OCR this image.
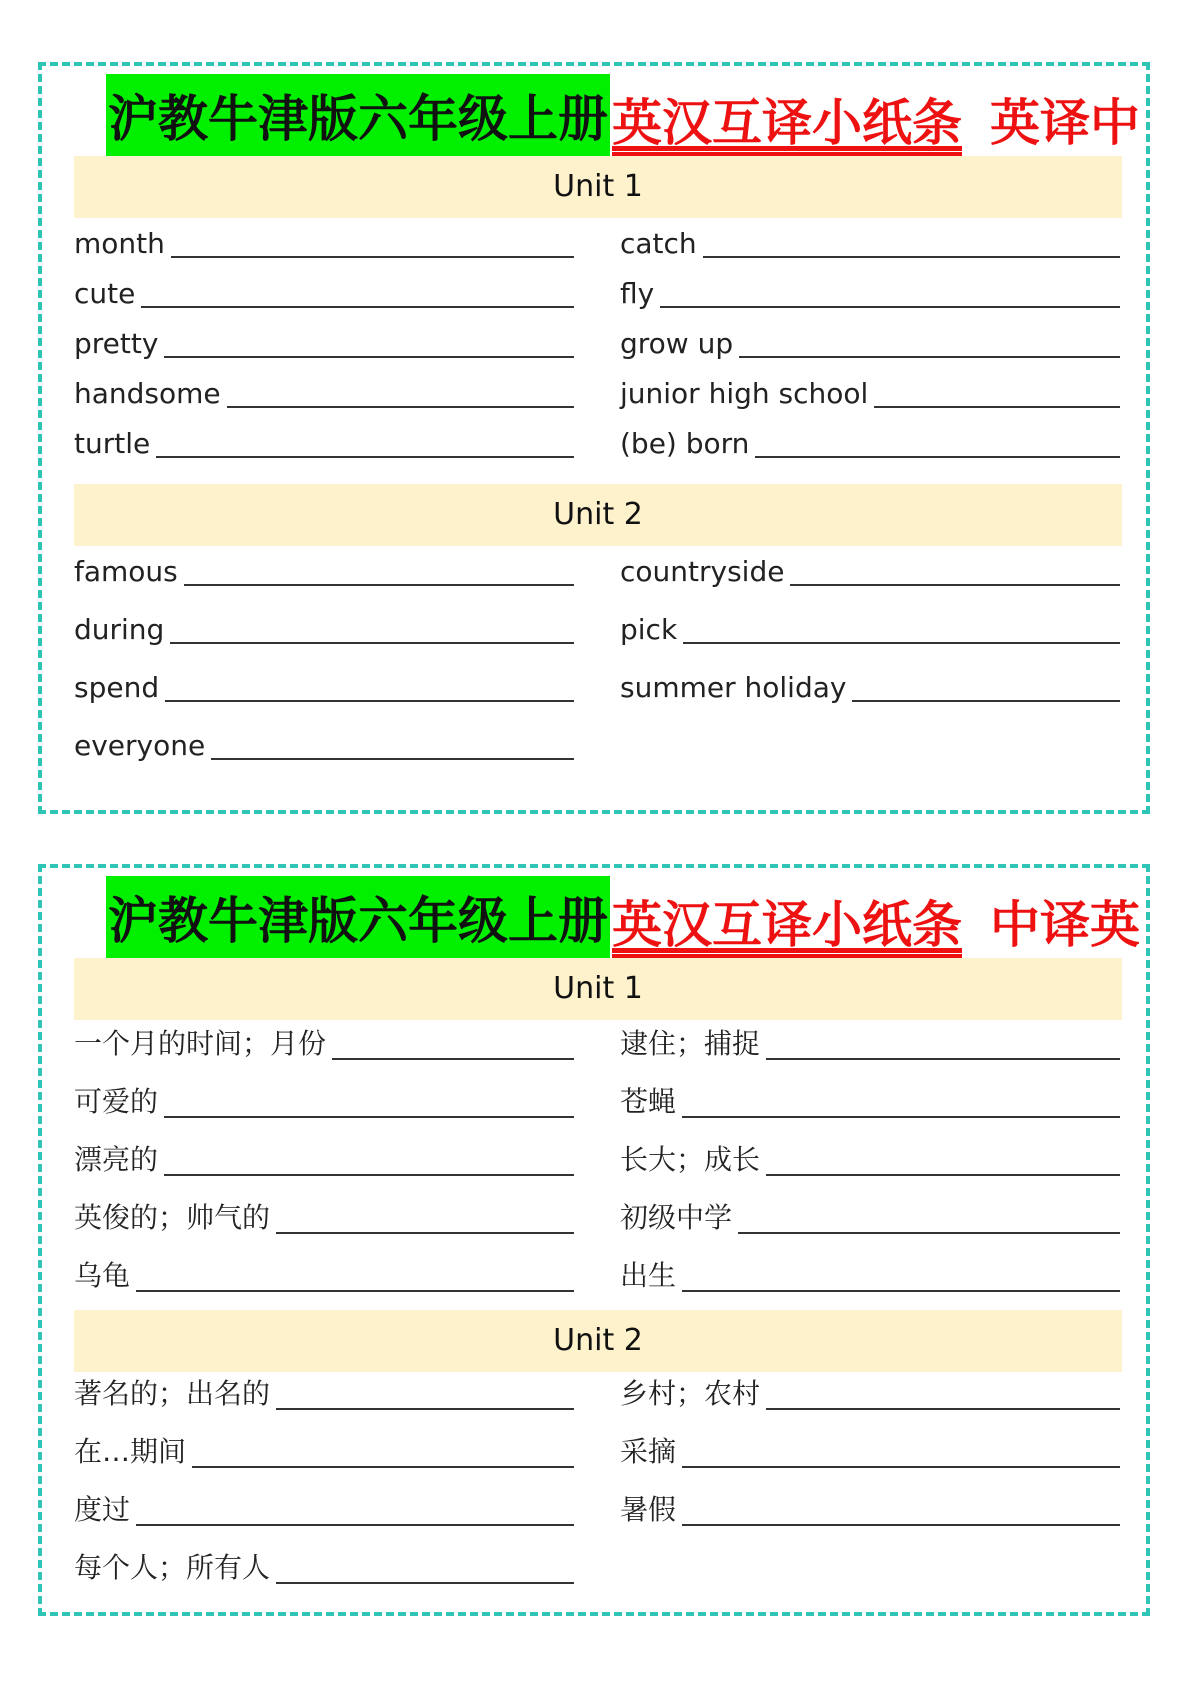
沪教牛津版六年级上册 英汉互译小纸条 英译中
Unit 1
month	catch
cute	fly
pretty	grow up
handsome	junior high school
turtle	(be) born
Unit 2
famous	countryside
during	pick
spend	summer holiday
everyone
沪教牛津版六年级上册 英汉互译小纸条 中译英
Unit 1
一个月的时间；月份	逮住；捕捉
可爱的	苍蝇
漂亮的	长大；成长
英俊的；帅气的	初级中学
乌龟	出生
Unit 2
著名的；出名的	乡村；农村
在…期间	采摘
度过	暑假
每个人；所有人
